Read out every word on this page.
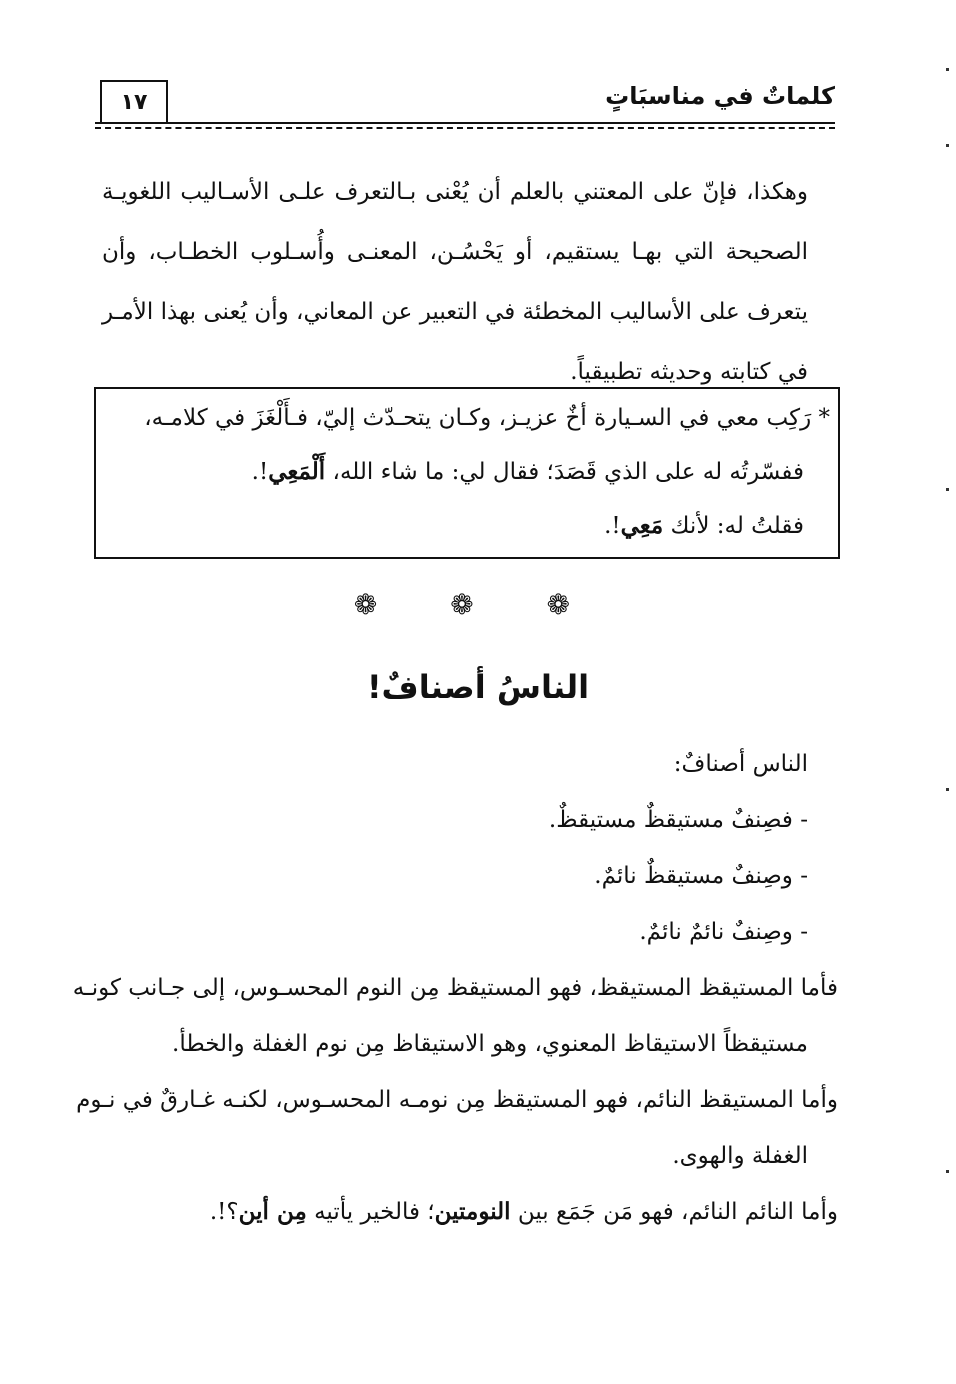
١٧	كلماتٌ في مناسبَاتٍ
وهكذا، فإنّ على المعتني بالعلم أن يُعْنى بـالتعرف علـى الأسـاليب اللغويـة الصحيحة التي بهـا يستقيم، أو يَحْسُـن، المعنـى وأُسـلوب الخطـاب، وأن يتعرف على الأساليب المخطئة في التعبير عن المعاني، وأن يُعنى بهذا الأمـر في كتابته وحديثه تطبيقياً.
* رَكِب معي في السـيارة أخٌ عزيـز، وكـان يتحـدّث إليّ، فـأَلْغَزَ في كلامـه،
ففسّرتُه له على الذي قَصَدَ؛ فقال لي: ما شاء الله، أَلْمَعِي!.
فقلتُ له: لأنك مَعِي!.
❁ ❁ ❁
الناسُ أصنافٌ!
الناس أصنافٌ:
- فصِنفٌ مستيقظٌ مستيقظٌ.
- وصِنفٌ مستيقظٌ نائمٌ.
- وصِنفٌ نائمٌ نائمٌ.
فأما المستيقظ المستيقظ، فهو المستيقظ مِن النوم المحسـوس، إلى جـانب كونـه
مستيقظاً الاستيقاظ المعنوي، وهو الاستيقاظ مِن نوم الغفلة والخطأ.
وأما المستيقظ النائم، فهو المستيقظ مِن نومـه المحسـوس، لكنـه غـارقٌ في نـوم
الغفلة والهوى.
وأما النائم النائم، فهو مَن جَمَع بين النومتين؛ فالخير يأتيه مِن أين؟!.
